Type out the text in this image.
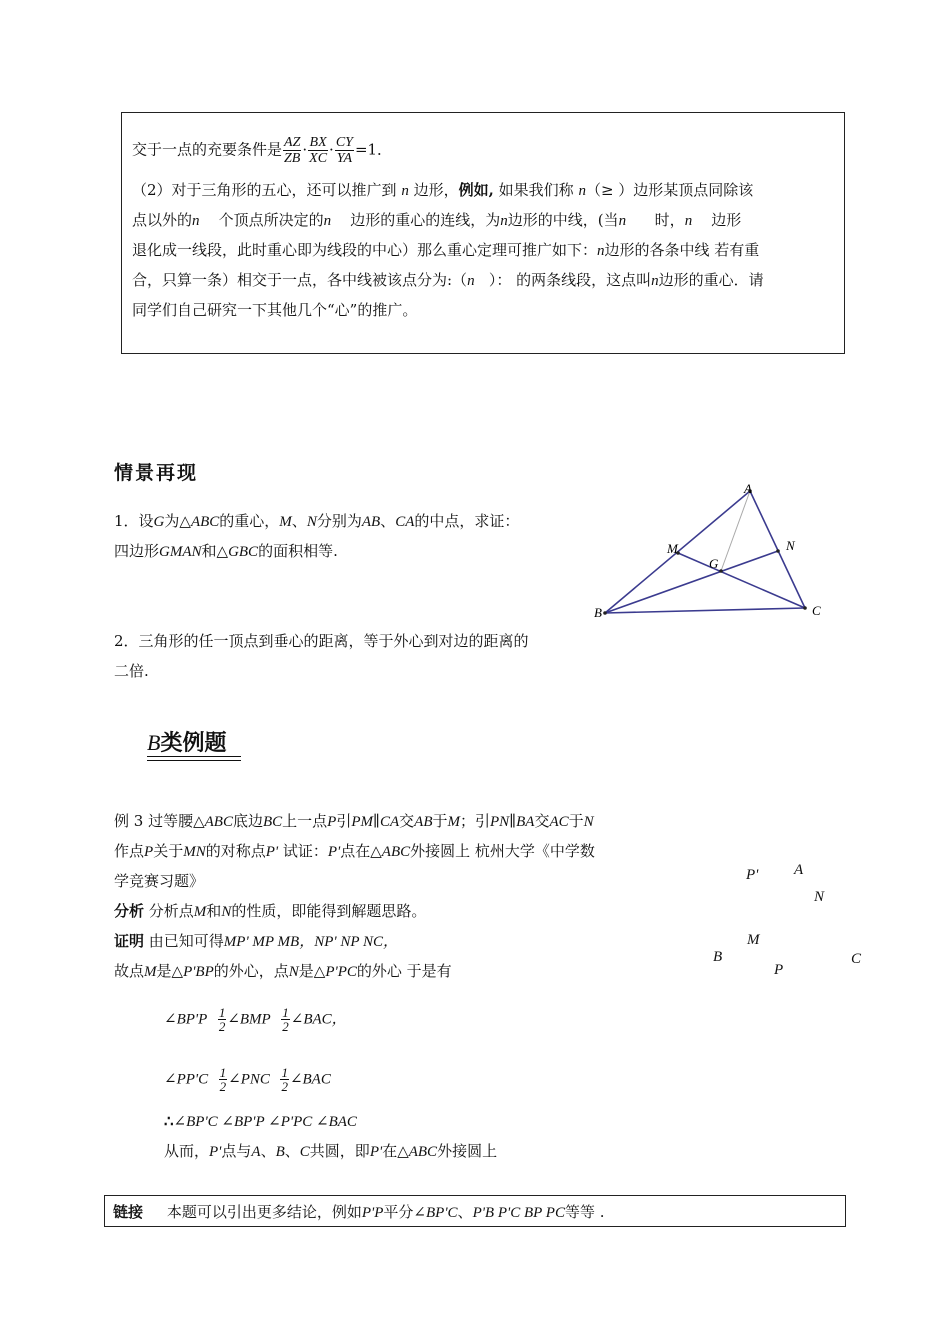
交于一点的充要条件是 $\frac{AZ}{ZB} \cdot \frac{BX}{XC} \cdot \frac{CY}{YA} =1$．
（2）对于三角形的五心，还可以推广到 n 边形，例如, 如果我们称 n（≥ ）边形某顶点同除该
点以外的n 个顶点所决定的n 边形的重心的连线，为n边形的中线，(当n 时，n 边形
退化成一线段，此时重心即为线段的中心）那么重心定理可推广如下：n边形的各条中线 若有重
合，只算一条）相交于一点，各中线被该点分为:（n ）： 的两条线段，这点叫n边形的重心．请
同学们自己研究一下其他几个“心”的推广。
情景再现
1．设G为△ABC的重心，M、N分别为AB、CA的中点，求证：
四边形GMAN和△GBC的面积相等.
2．三角形的任一顶点到垂心的距离，等于外心到对边的距离的
二倍.
A
B	C
M	N
G
B类例题
例 3 过等腰△ABC底边BC上一点P引PM∥CA交AB于M；引PN∥BA交AC于N
作点P关于MN的对称点P' 试证：P'点在△ABC外接圆上 杭州大学《中学数
学竞赛习题》
分析 分析点M和N的性质，即能得到解题思路。
证明 由已知可得MP' MP MB，NP' NP NC，
故点M是△P'BP的外心，点N是△P'PC的外心 于是有
∠BP'P $\frac{1}{2}$ ∠BMP $\frac{1}{2}$ ∠BAC，
∠PP'C $\frac{1}{2}$ ∠PNC $\frac{1}{2}$ ∠BAC
∴∠BP'C ∠BP'P ∠P'PC ∠BAC
从而，P'点与A、B、C共圆，即P'在△ABC外接圆上
P' A
N
M
B
P
C
链接 本题可以引出更多结论，例如P'P平分∠BP'C、P'B P'C BP PC等等 .
